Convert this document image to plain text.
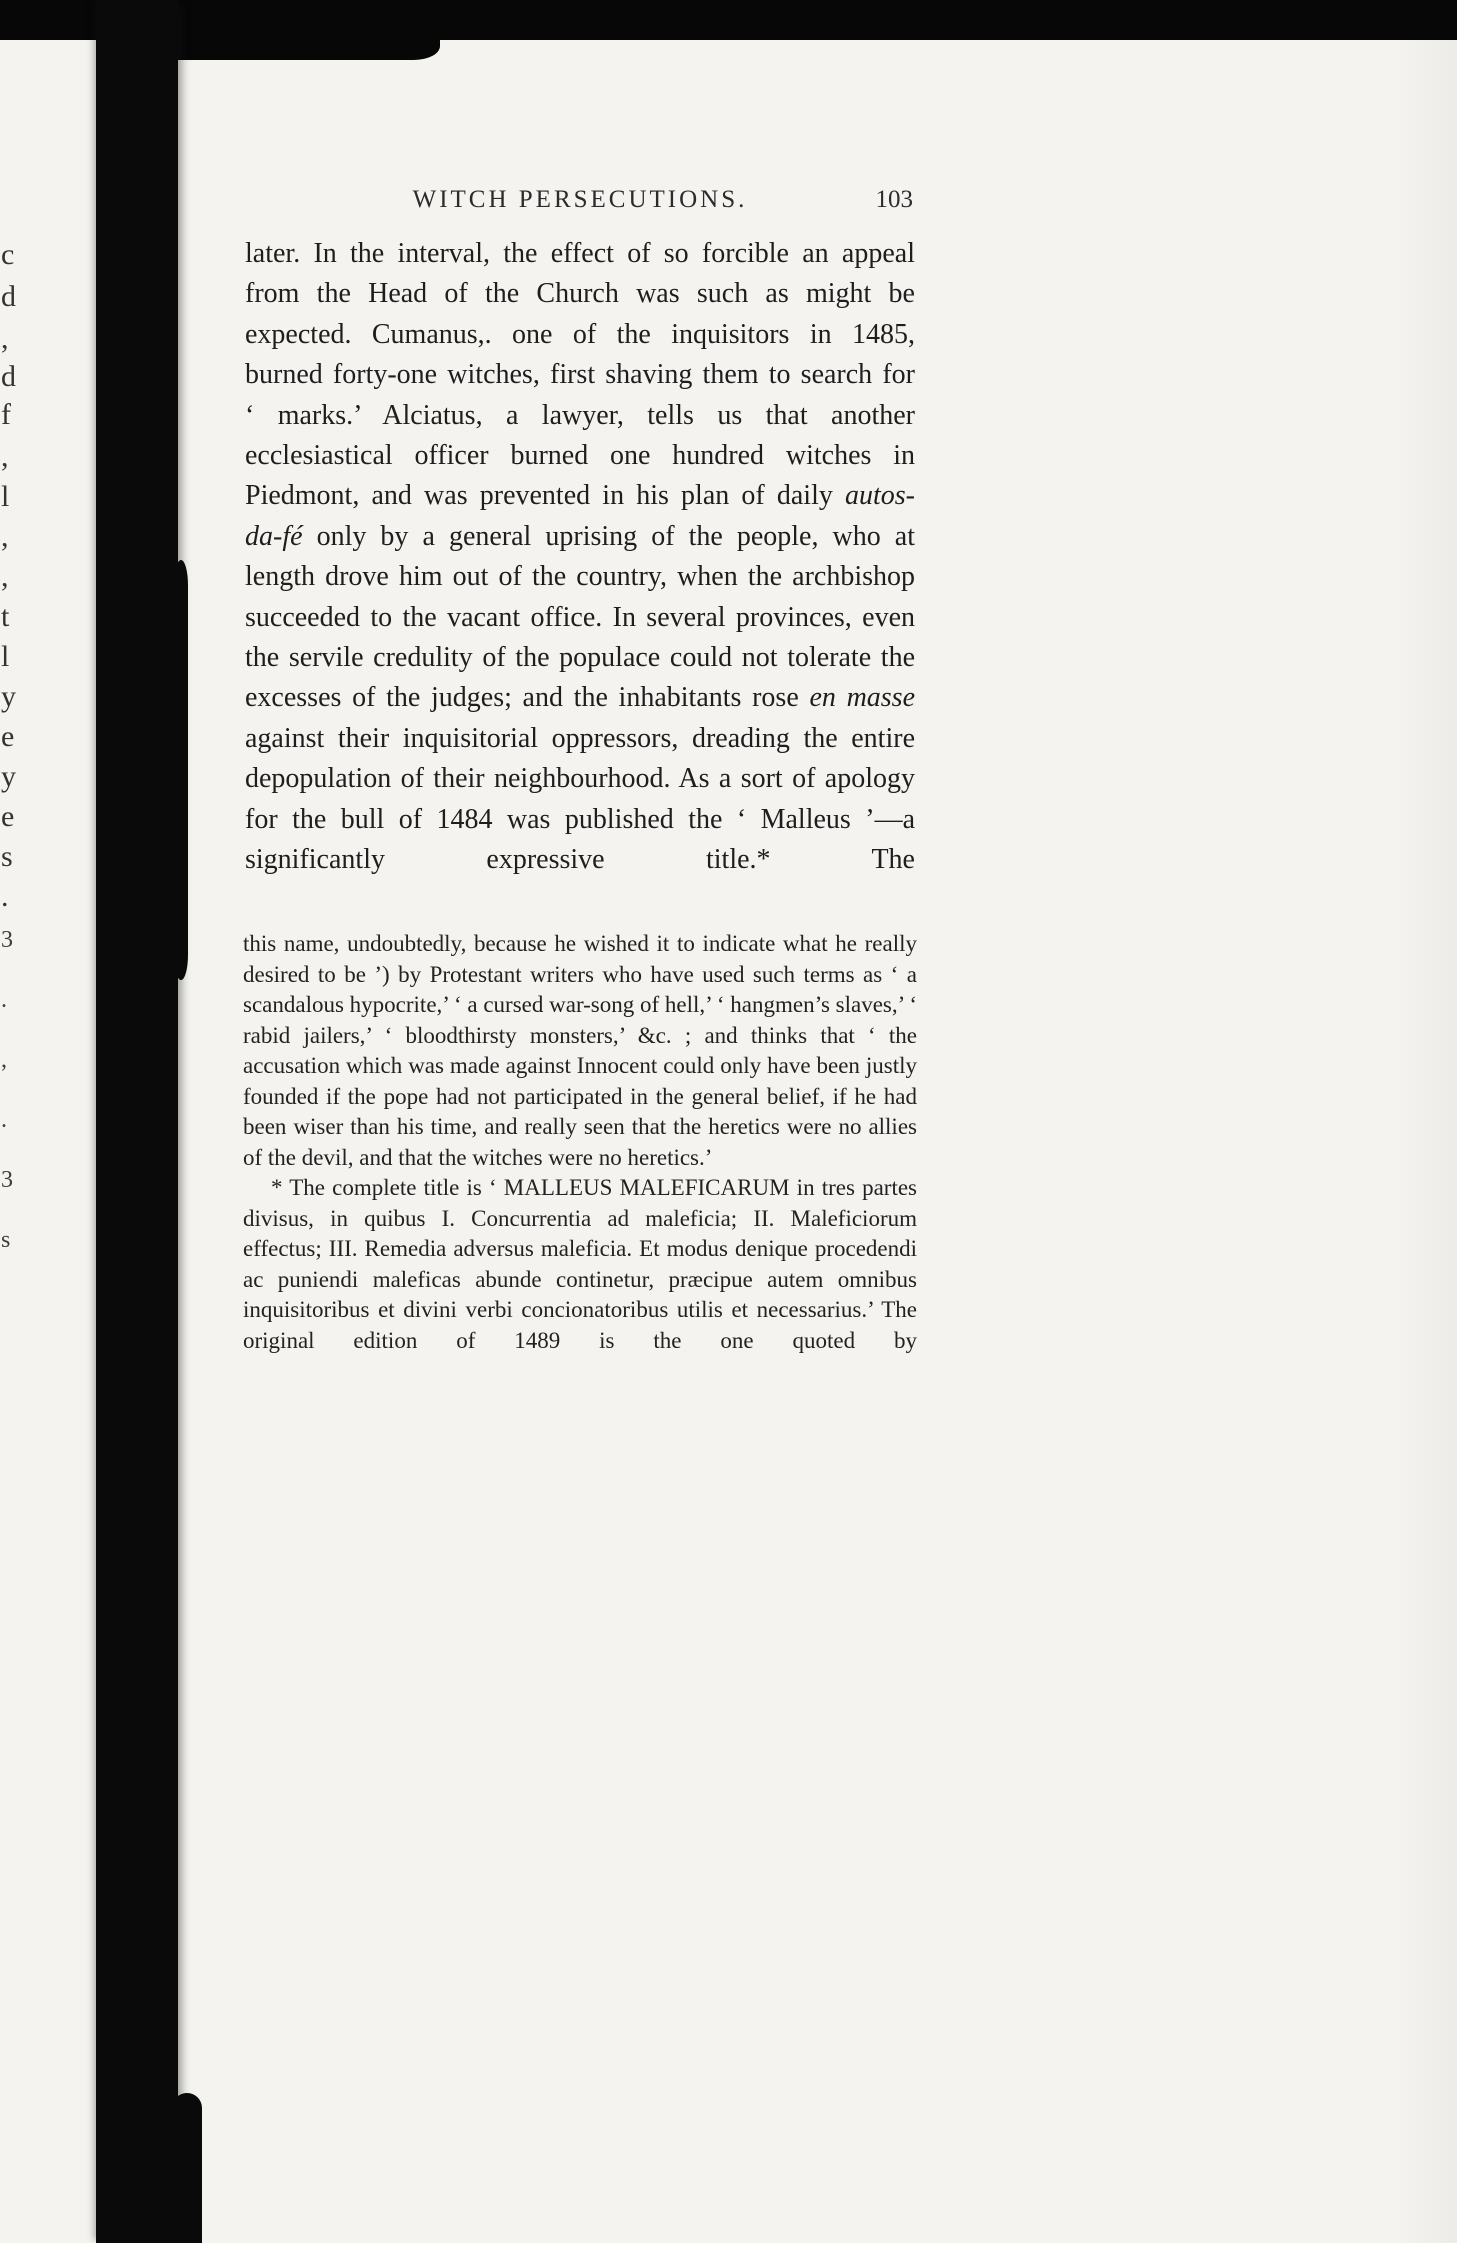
c
d
,
d
f
,
l
,
,
t
l
y
e
y
e
s
.
3
.
,
.
3
s
WITCH PERSECUTIONS.	103

later. In the interval, the effect of so forcible an appeal from the Head of the Church was such as might be expected. Cumanus,. one of the inquisitors in 1485, burned forty-one witches, first shaving them to search for ‘ marks.’ Alciatus, a lawyer, tells us that another ecclesiastical officer burned one hundred witches in Piedmont, and was prevented in his plan of daily autos-da-fé only by a general uprising of the people, who at length drove him out of the country, when the archbishop succeeded to the vacant office. In several provinces, even the servile credulity of the populace could not tolerate the excesses of the judges; and the inhabitants rose en masse against their inquisitorial oppressors, dreading the entire depopulation of their neighbourhood. As a sort of apology for the bull of 1484 was published the ‘ Malleus ’—a significantly expressive title.* The

this name, undoubtedly, because he wished it to indicate what he really desired to be ’) by Protestant writers who have used such terms as ‘ a scandalous hypocrite,’ ‘ a cursed war-song of hell,’ ‘ hangmen’s slaves,’ ‘ rabid jailers,’ ‘ bloodthirsty monsters,’ &c. ; and thinks that ‘ the accusation which was made against Innocent could only have been justly founded if the pope had not participated in the general belief, if he had been wiser than his time, and really seen that the heretics were no allies of the devil, and that the witches were no heretics.’

* The complete title is ‘ MALLEUS MALEFICARUM in tres partes divisus, in quibus I. Concurrentia ad maleficia; II. Maleficiorum effectus; III. Remedia adversus maleficia. Et modus denique procedendi ac puniendi maleficas abunde continetur, præcipue autem omnibus inquisitoribus et divini verbi concionatoribus utilis et necessarius.’ The original edition of 1489 is the one quoted by
